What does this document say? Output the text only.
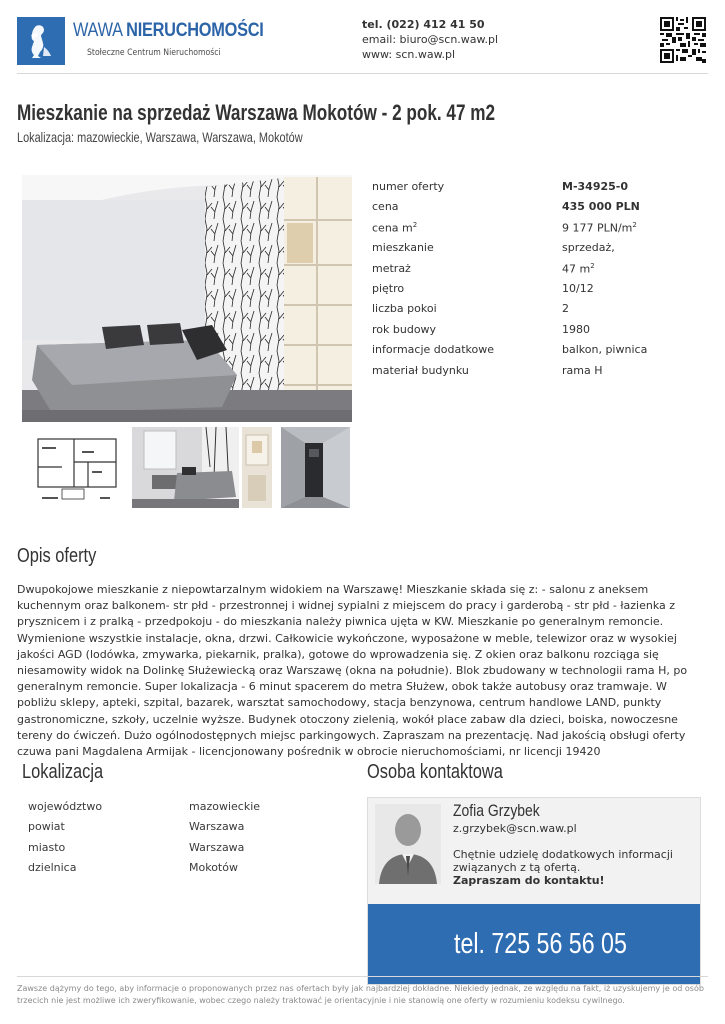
WAWA NIERUCHOMOŚCI
Stołeczne Centrum Nieruchomości
tel. (022) 412 41 50
email: biuro@scn.waw.pl
www: scn.waw.pl
Mieszkanie na sprzedaż Warszawa Mokotów - 2 pok. 47 m2
Lokalizacja: mazowieckie, Warszawa, Warszawa, Mokotów
numer oferty	M-34925-0
cena	435 000 PLN
cena $m^2$	9 177 PLN/$m^2$
mieszkanie	sprzedaż,
metraż	47 $m^2$
piętro	10/12
liczba pokoi	2
rok budowy	1980
informacje dodatkowe	balkon, piwnica
materiał budynku	rama H
Opis oferty
Dwupokojowe mieszkanie z niepowtarzalnym widokiem na Warszawę! Mieszkanie składa się z: - salonu z aneksem kuchennym oraz balkonem- str płd - przestronnej i widnej sypialni z miejscem do pracy i garderobą - str płd - łazienka z prysznicem i z pralką - przedpokoju - do mieszkania należy piwnica ujęta w KW. Mieszkanie po generalnym remoncie. Wymienione wszystkie instalacje, okna, drzwi. Całkowicie wykończone, wyposażone w meble, telewizor oraz w wysokiej jakości AGD (lodówka, zmywarka, piekarnik, pralka), gotowe do wprowadzenia się. Z okien oraz balkonu rozciąga się niesamowity widok na Dolinkę Służewiecką oraz Warszawę (okna na południe). Blok zbudowany w technologii rama H, po generalnym remoncie. Super lokalizacja - 6 minut spacerem do metra Służew, obok także autobusy oraz tramwaje. W pobliżu sklepy, apteki, szpital, bazarek, warsztat samochodowy, stacja benzynowa, centrum handlowe LAND, punkty gastronomiczne, szkoły, uczelnie wyższe. Budynek otoczony zielenią, wokół place zabaw dla dzieci, boiska, nowoczesne tereny do ćwiczeń. Dużo ogólnodostępnych miejsc parkingowych. Zapraszam na prezentację. Nad jakością obsługi oferty czuwa pani Magdalena Armijak - licencjonowany pośrednik w obrocie nieruchomościami, nr licencji 19420
Lokalizacja
województwo	mazowieckie
powiat	Warszawa
miasto	Warszawa
dzielnica	Mokotów
Osoba kontaktowa
Zofia Grzybek
z.grzybek@scn.waw.pl
Chętnie udzielę dodatkowych informacji związanych z tą ofertą.
Zapraszam do kontaktu!
tel. 725 56 56 05
Zawsze dążymy do tego, aby informacje o proponowanych przez nas ofertach były jak najbardziej dokładne. Niekiedy jednak, ze względu na fakt, iż uzyskujemy je od osób trzecich nie jest możliwe ich zweryfikowanie, wobec czego należy traktować je orientacyjnie i nie stanowią one oferty w rozumieniu kodeksu cywilnego.
